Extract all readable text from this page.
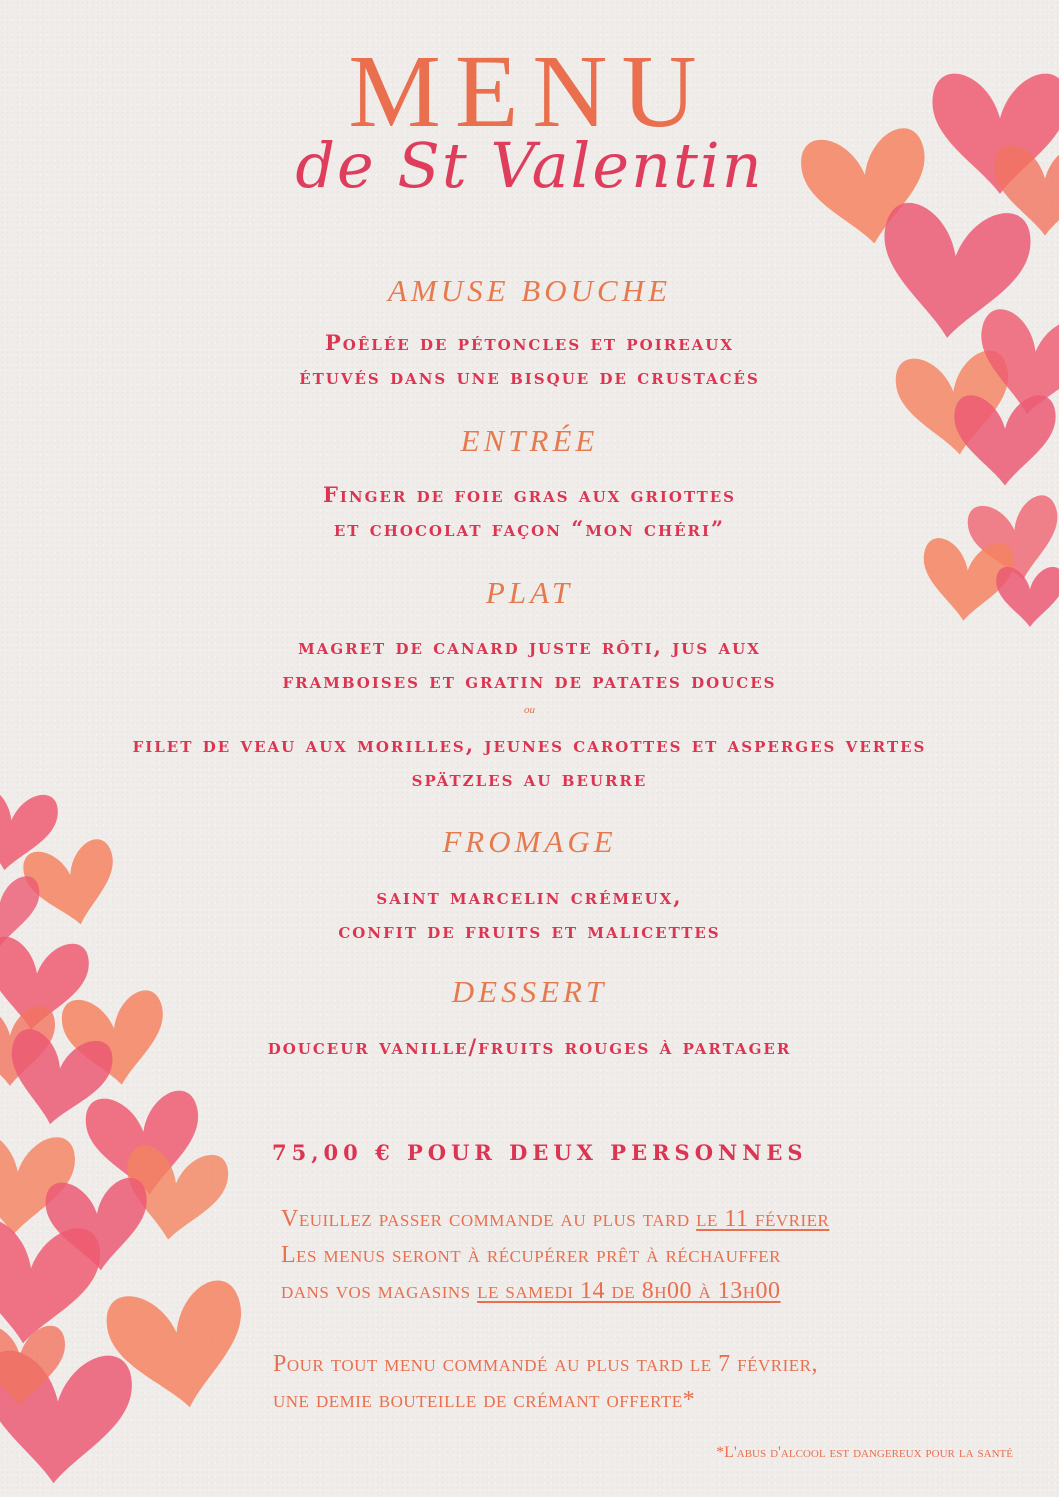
MENU
de St Valentin
AMUSE BOUCHE
Poêlée de pétoncles et poireaux
étuvés dans une bisque de crustacés
ENTRÉE
Finger de foie gras aux griottes
et chocolat façon “mon chéri”
PLAT
magret de canard juste rôti, jus aux
framboises et gratin de patates douces
ou
filet de veau aux morilles, jeunes carottes et asperges vertes
spätzles au beurre
FROMAGE
saint marcelin crémeux,
confit de fruits et malicettes
DESSERT
douceur vanille/fruits rouges à partager
75,00 € POUR DEUX PERSONNES
Veuillez passer commande au plus tard le 11 février
Les menus seront à récupérer prêt à réchauffer
dans vos magasins le samedi 14 de 8h00 à 13h00
Pour tout menu commandé au plus tard le 7 février,
une demie bouteille de crémant offerte*
*L'abus d'alcool est dangereux pour la santé
